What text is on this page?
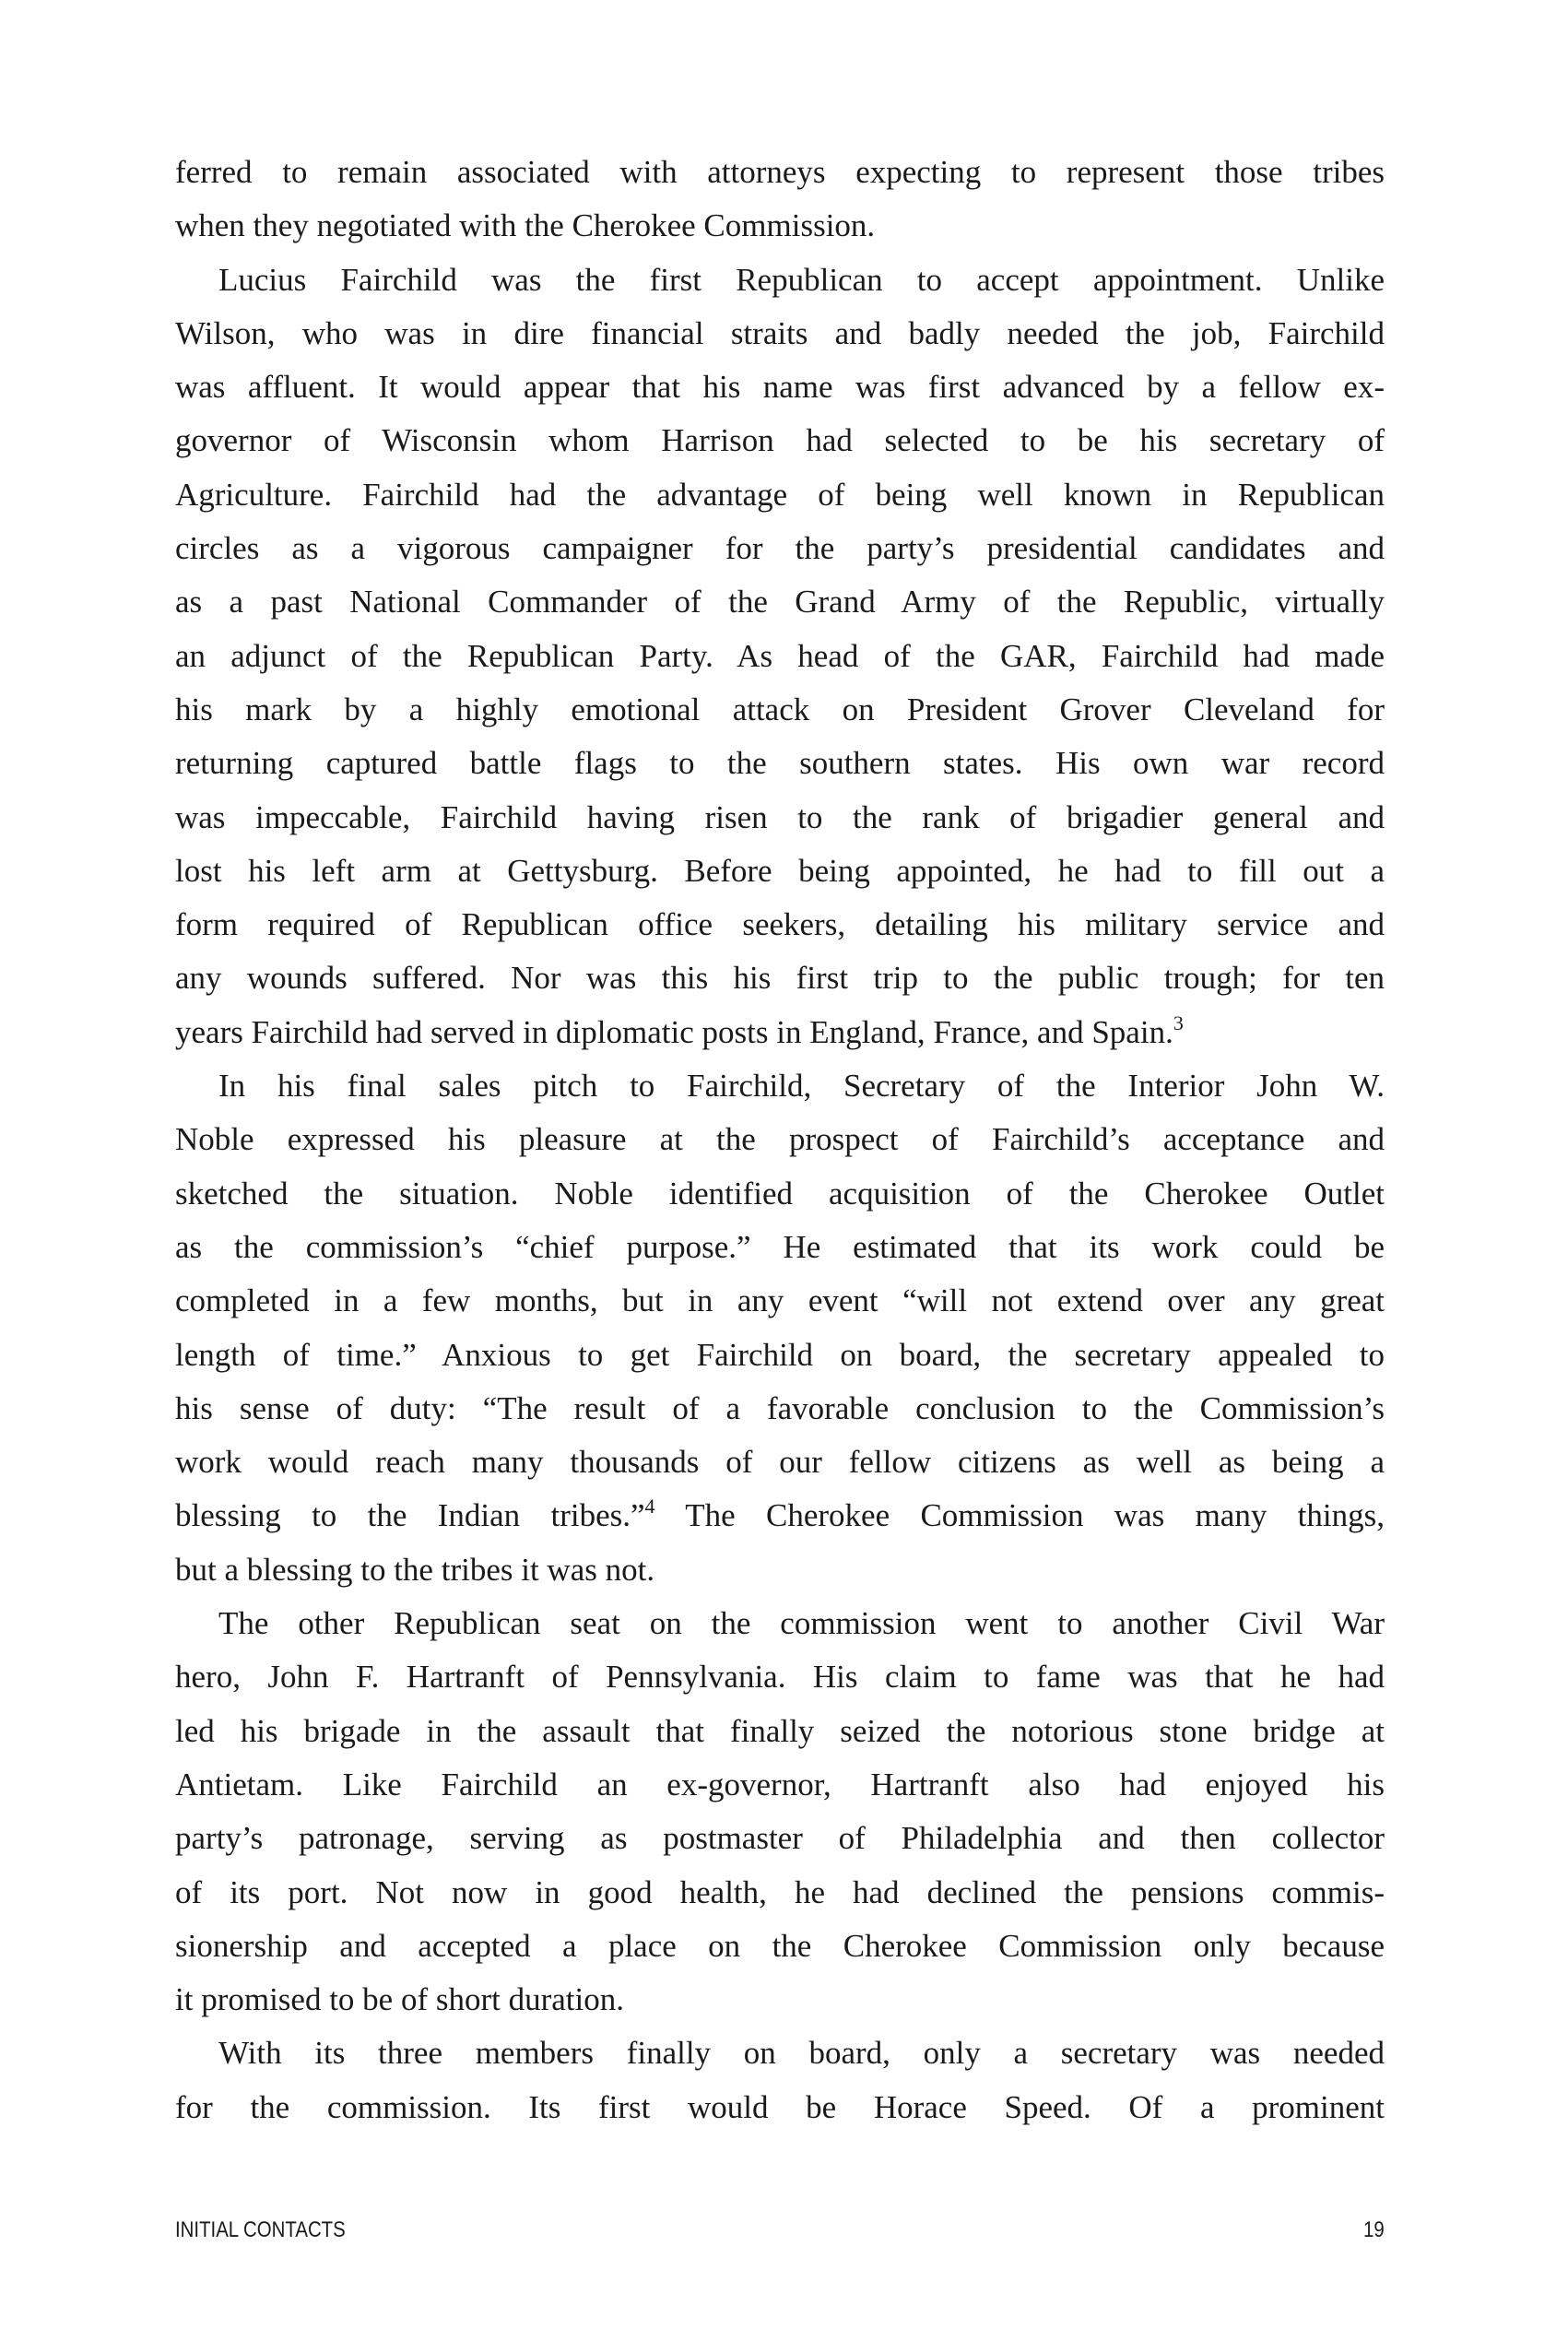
ferred to remain associated with attorneys expecting to represent those tribes
when they negotiated with the Cherokee Commission.
Lucius Fairchild was the first Republican to accept appointment. Unlike
Wilson, who was in dire financial straits and badly needed the job, Fairchild
was affluent. It would appear that his name was first advanced by a fellow ex-
governor of Wisconsin whom Harrison had selected to be his secretary of
Agriculture. Fairchild had the advantage of being well known in Republican
circles as a vigorous campaigner for the party’s presidential candidates and
as a past National Commander of the Grand Army of the Republic, virtually
an adjunct of the Republican Party. As head of the GAR, Fairchild had made
his mark by a highly emotional attack on President Grover Cleveland for
returning captured battle flags to the southern states. His own war record
was impeccable, Fairchild having risen to the rank of brigadier general and
lost his left arm at Gettysburg. Before being appointed, he had to fill out a
form required of Republican office seekers, detailing his military service and
any wounds suffered. Nor was this his first trip to the public trough; for ten
years Fairchild had served in diplomatic posts in England, France, and Spain.$^3$
In his final sales pitch to Fairchild, Secretary of the Interior John W.
Noble expressed his pleasure at the prospect of Fairchild’s acceptance and
sketched the situation. Noble identified acquisition of the Cherokee Outlet
as the commission’s “chief purpose.” He estimated that its work could be
completed in a few months, but in any event “will not extend over any great
length of time.” Anxious to get Fairchild on board, the secretary appealed to
his sense of duty: “The result of a favorable conclusion to the Commission’s
work would reach many thousands of our fellow citizens as well as being a
blessing to the Indian tribes.”$^4$ The Cherokee Commission was many things,
but a blessing to the tribes it was not.
The other Republican seat on the commission went to another Civil War
hero, John F. Hartranft of Pennsylvania. His claim to fame was that he had
led his brigade in the assault that finally seized the notorious stone bridge at
Antietam. Like Fairchild an ex-governor, Hartranft also had enjoyed his
party’s patronage, serving as postmaster of Philadelphia and then collector
of its port. Not now in good health, he had declined the pensions commis-
sionership and accepted a place on the Cherokee Commission only because
it promised to be of short duration.
With its three members finally on board, only a secretary was needed
for the commission. Its first would be Horace Speed. Of a prominent
INITIAL CONTACTS	19
